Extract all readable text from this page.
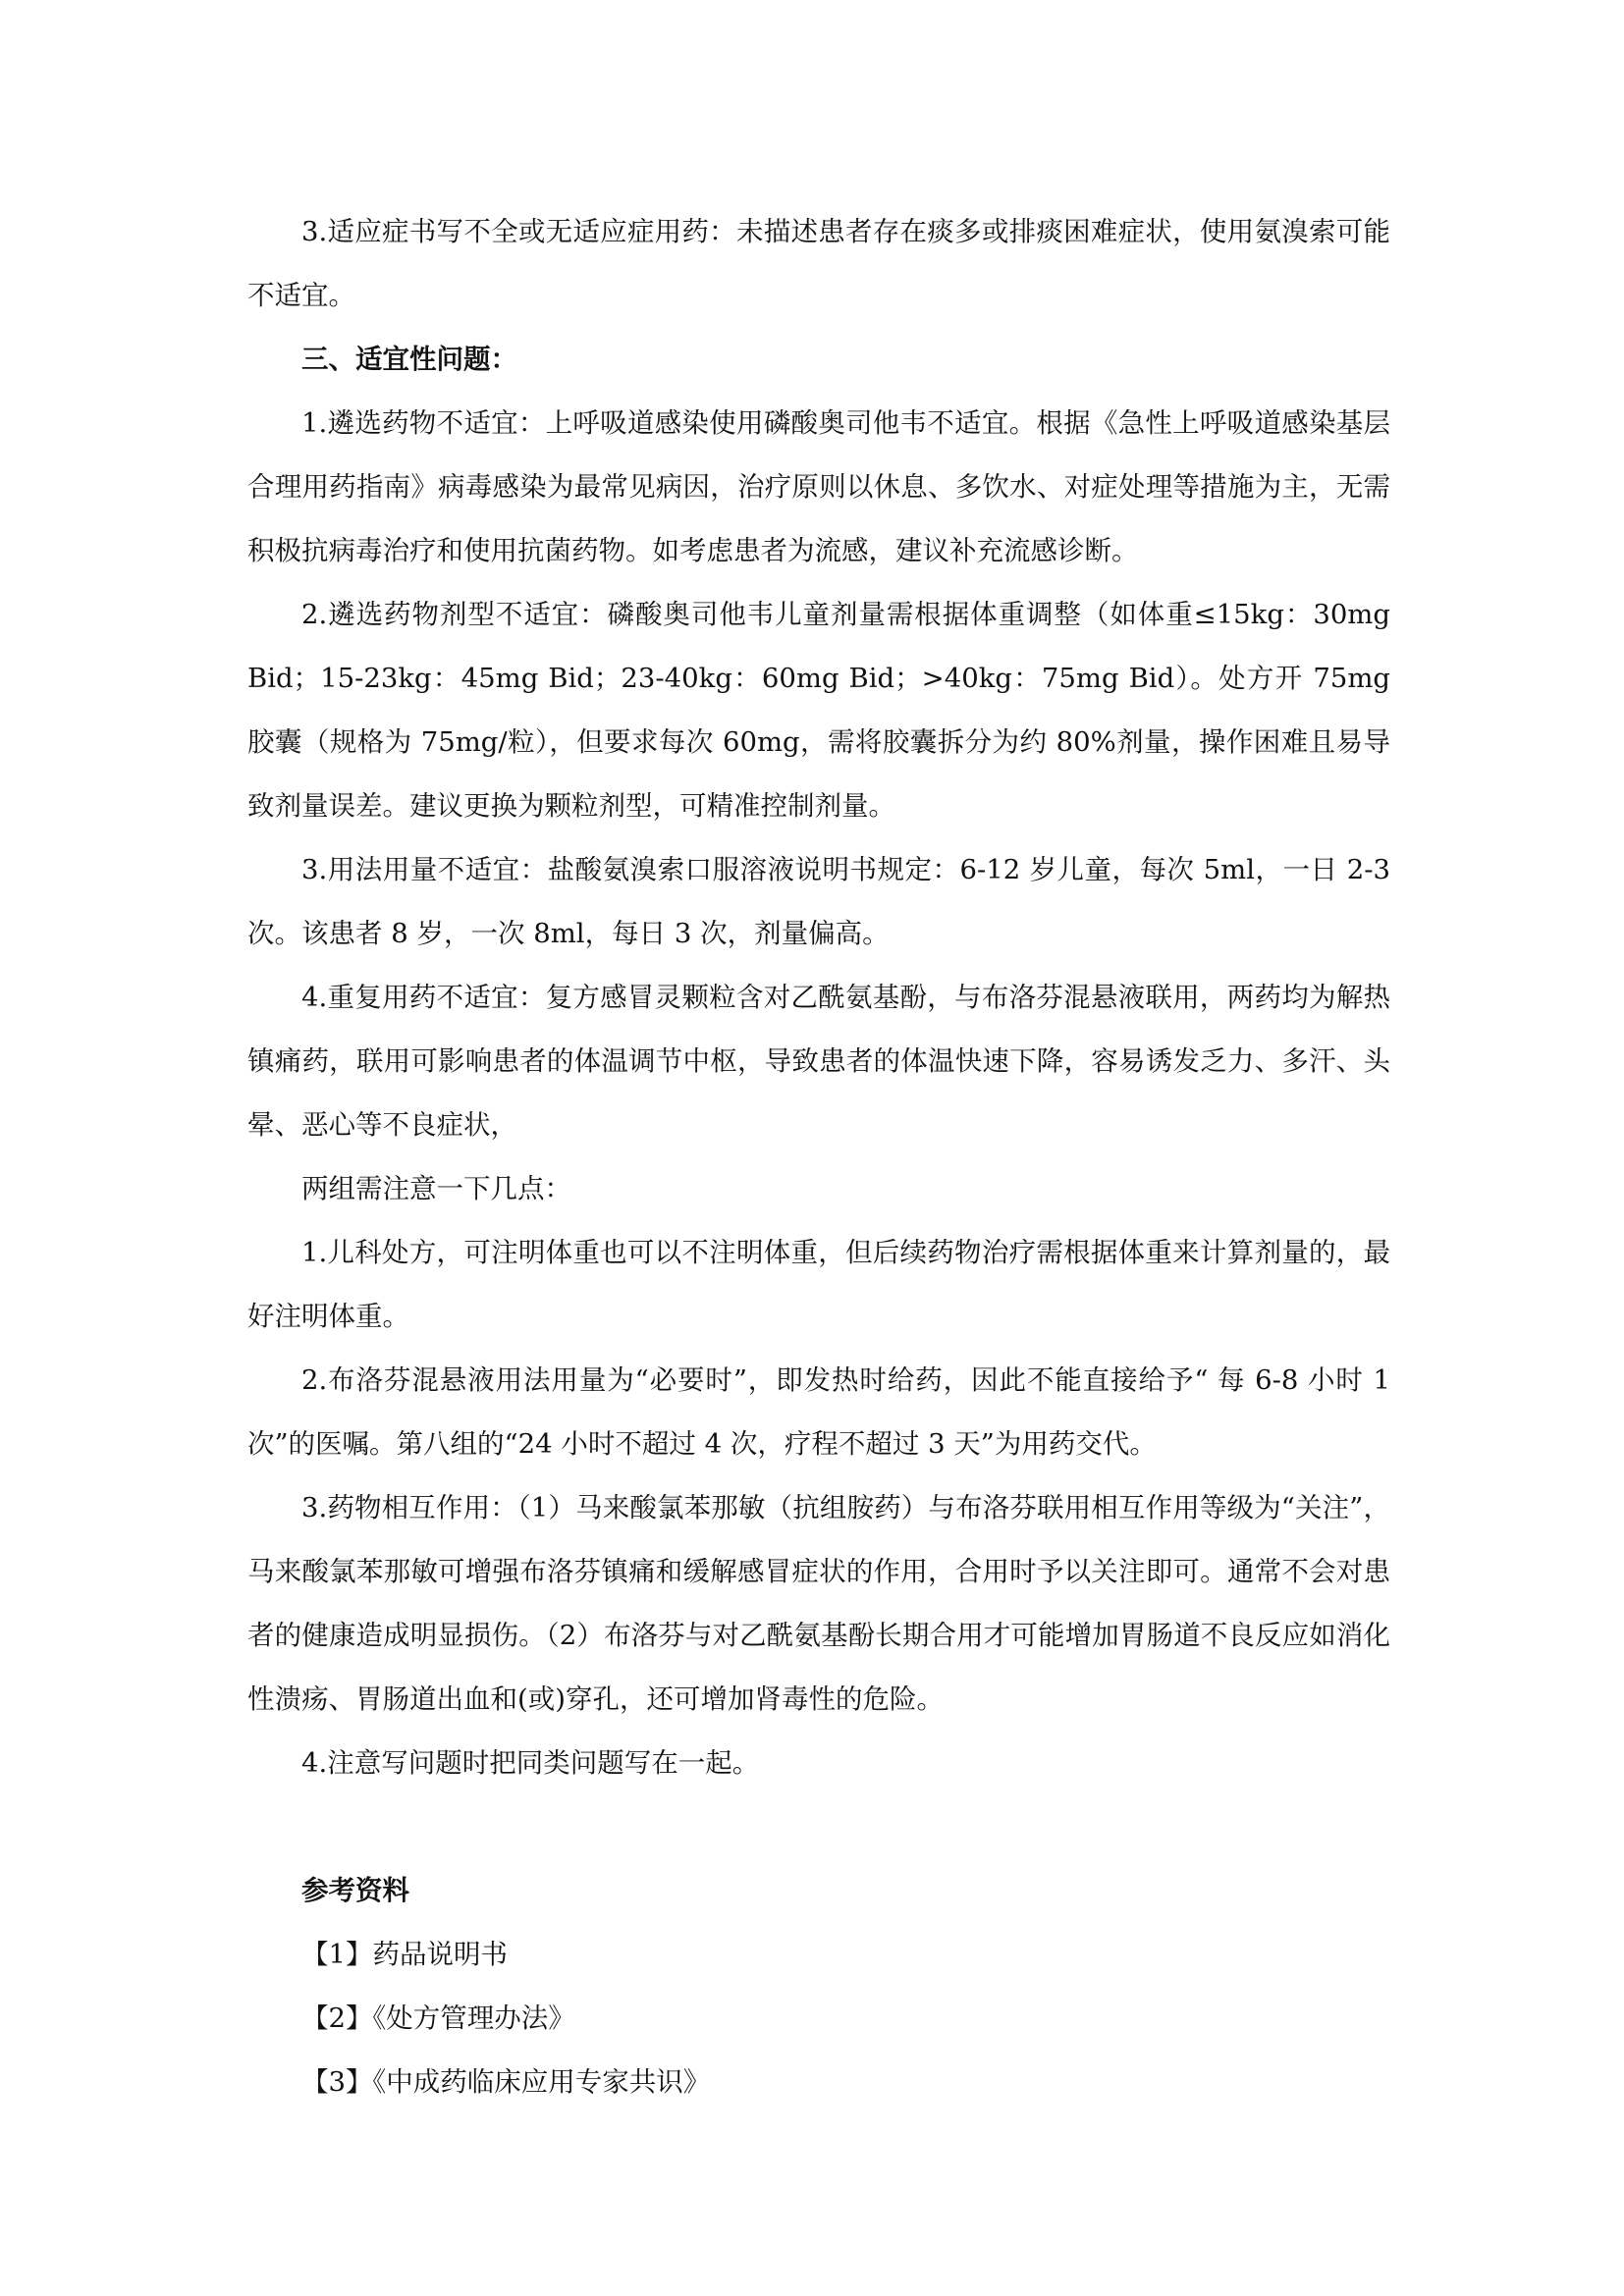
3.适应症书写不全或无适应症用药：未描述患者存在痰多或排痰困难症状，使用氨溴索可能不适宜。

三、适宜性问题：

1.遴选药物不适宜：上呼吸道感染使用磷酸奥司他韦不适宜。根据《急性上呼吸道感染基层合理用药指南》病毒感染为最常见病因，治疗原则以休息、多饮水、对症处理等措施为主，无需积极抗病毒治疗和使用抗菌药物。如考虑患者为流感，建议补充流感诊断。

2.遴选药物剂型不适宜：磷酸奥司他韦儿童剂量需根据体重调整（如体重≤15kg：30mg Bid；15-23kg：45mg Bid；23-40kg：60mg Bid；>40kg：75mg Bid）。处方开 75mg 胶囊（规格为 75mg/粒），但要求每次 60mg，需将胶囊拆分为约 80%剂量，操作困难且易导致剂量误差。建议更换为颗粒剂型，可精准控制剂量。

3.用法用量不适宜：盐酸氨溴索口服溶液说明书规定：6-12 岁儿童，每次 5ml，一日 2-3次。该患者 8 岁，一次 8ml，每日 3 次，剂量偏高。

4.重复用药不适宜：复方感冒灵颗粒含对乙酰氨基酚，与布洛芬混悬液联用，两药均为解热镇痛药，联用可影响患者的体温调节中枢，导致患者的体温快速下降，容易诱发乏力、多汗、头晕、恶心等不良症状，

两组需注意一下几点：

1.儿科处方，可注明体重也可以不注明体重，但后续药物治疗需根据体重来计算剂量的，最好注明体重。

2.布洛芬混悬液用法用量为“必要时”，即发热时给药，因此不能直接给予“ 每 6-8 小时 1 次”的医嘱。第八组的“24 小时不超过 4 次，疗程不超过 3 天”为用药交代。

3.药物相互作用：（1）马来酸氯苯那敏（抗组胺药）与布洛芬联用相互作用等级为“关注”，马来酸氯苯那敏可增强布洛芬镇痛和缓解感冒症状的作用，合用时予以关注即可。通常不会对患者的健康造成明显损伤。（2）布洛芬与对乙酰氨基酚长期合用才可能增加胃肠道不良反应如消化性溃疡、胃肠道出血和(或)穿孔，还可增加肾毒性的危险。

4.注意写问题时把同类问题写在一起。

参考资料

【1】药品说明书

【2】《处方管理办法》

【3】《中成药临床应用专家共识》
